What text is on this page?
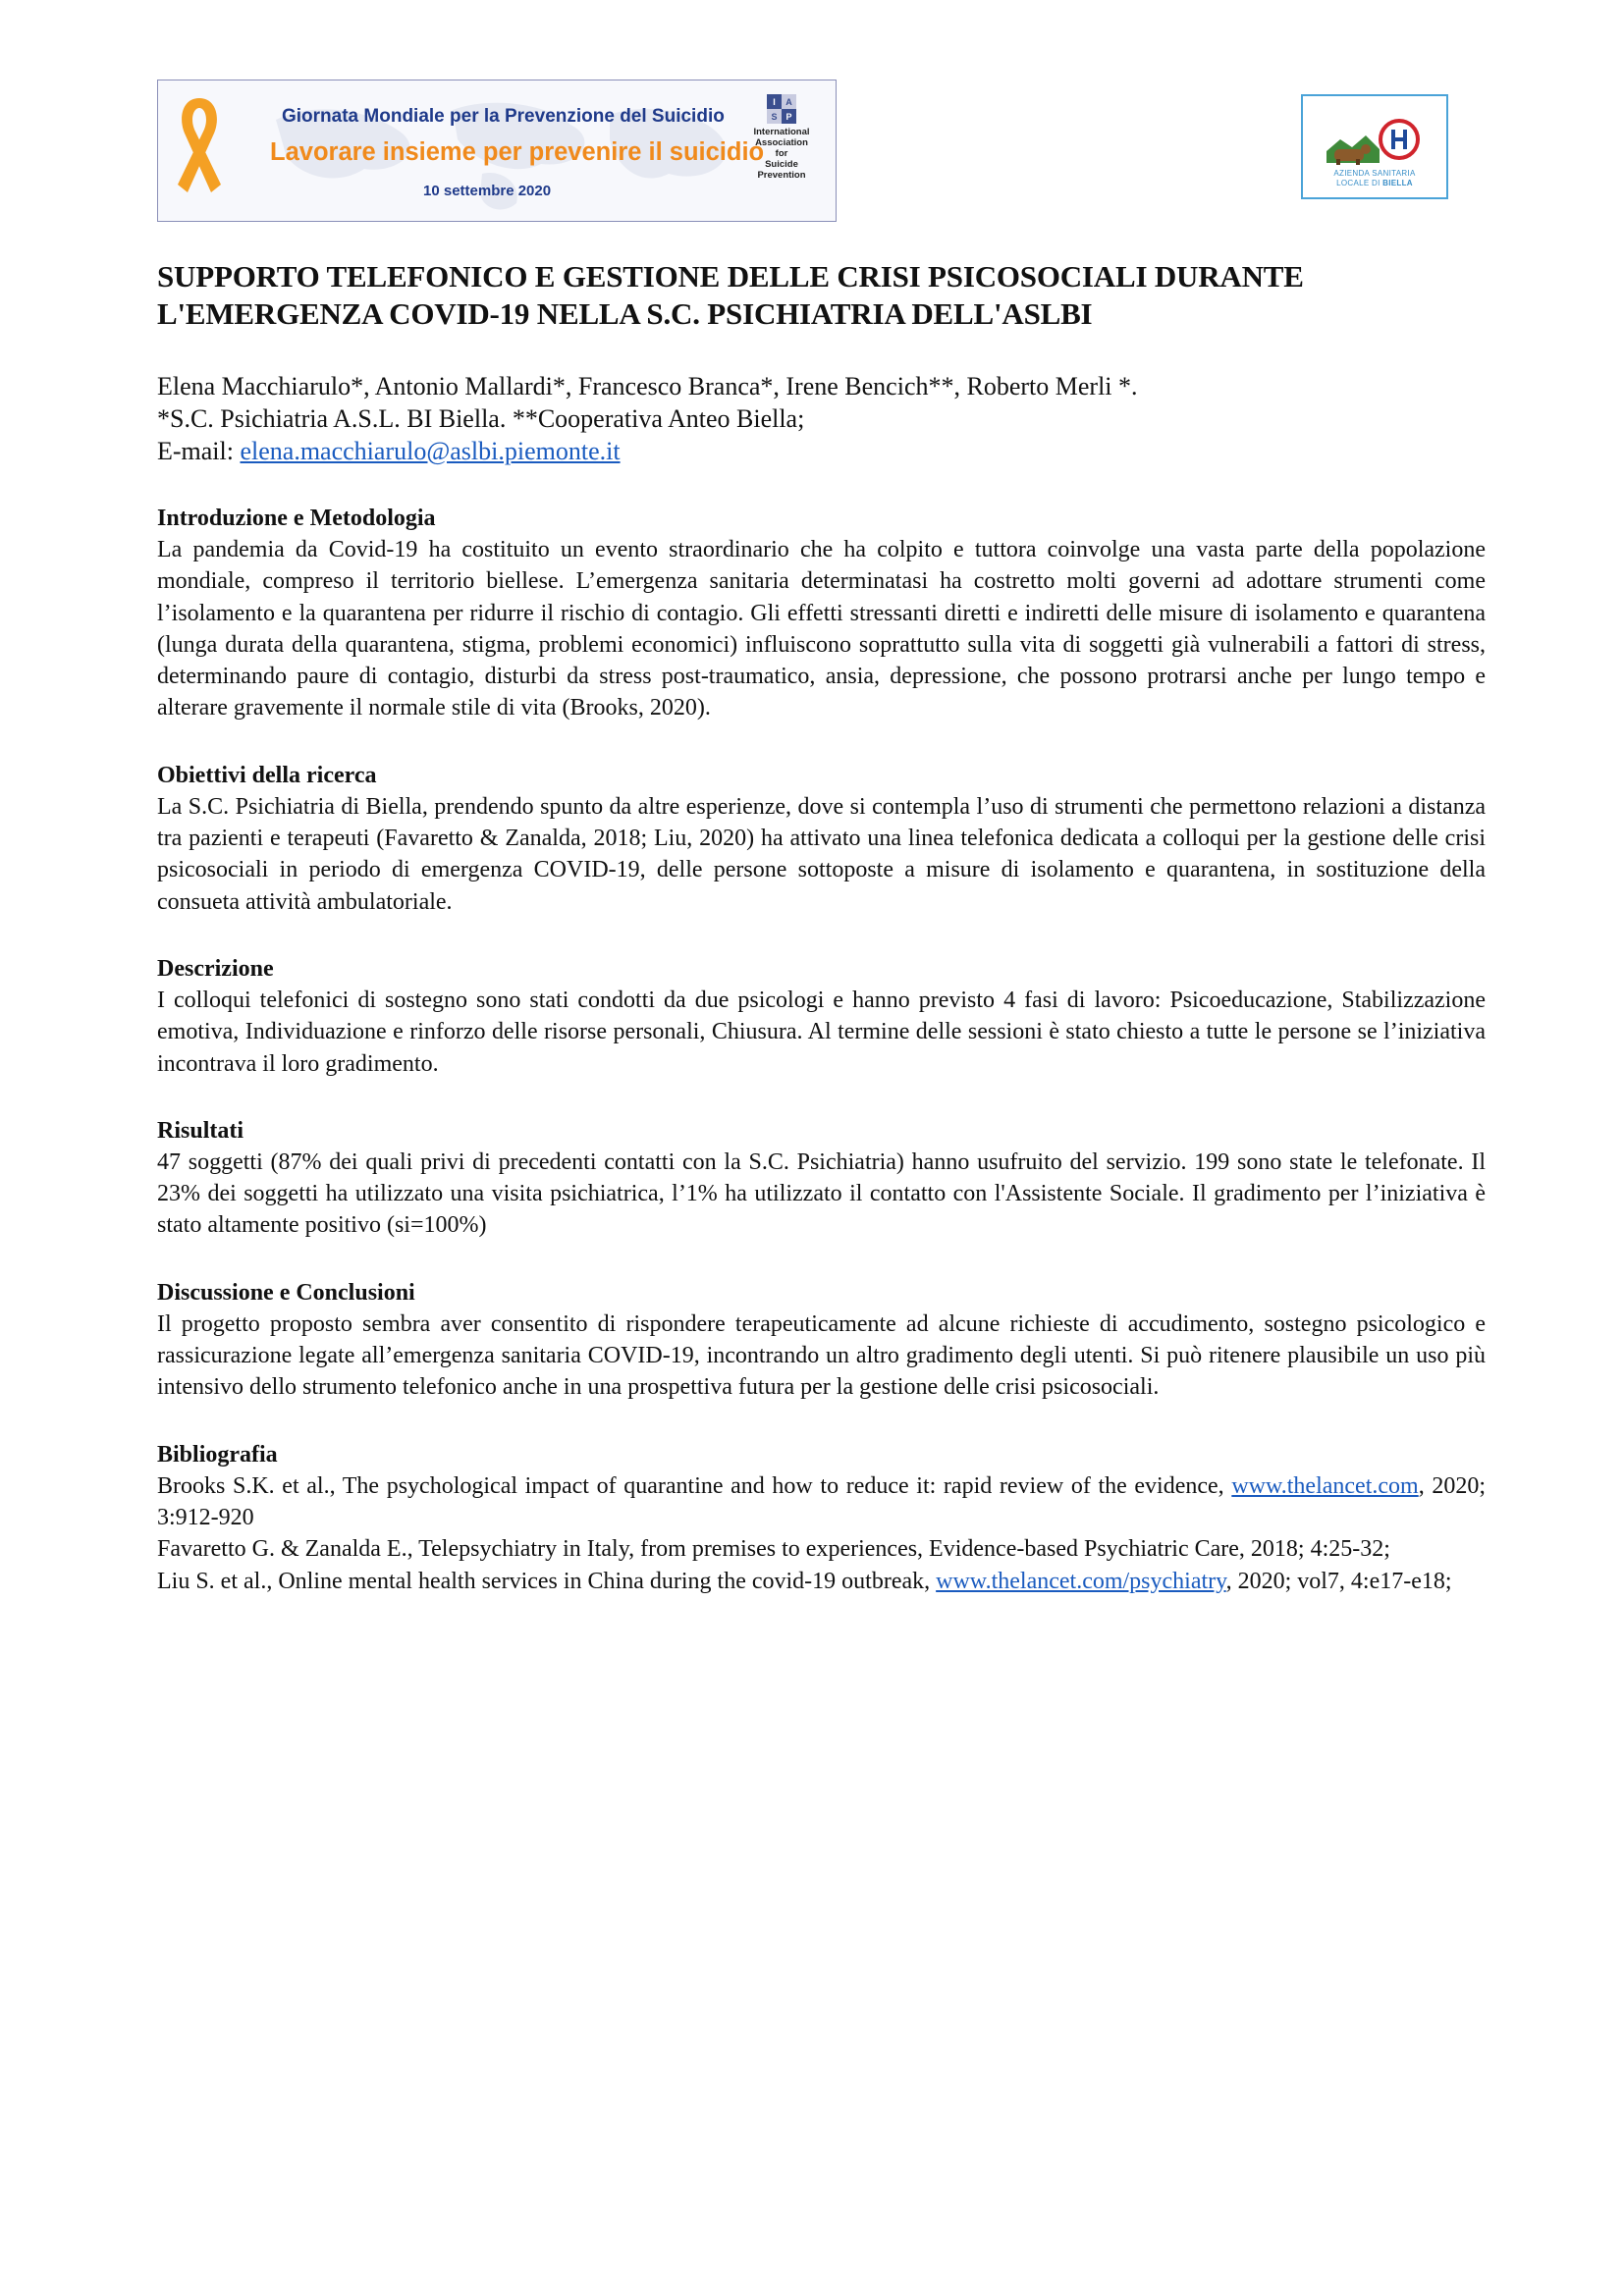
Giornata Mondiale per la Prevenzione del Suicidio
Lavorare insieme per prevenire il suicidio
10 settembre 2020
I A
S P
International
Association
for
Suicide
Prevention	AZIENDA SANITARIA
LOCALE DI BIELLA
SUPPORTO TELEFONICO E GESTIONE DELLE CRISI PSICOSOCIALI DURANTE
L'EMERGENZA COVID-19 NELLA S.C. PSICHIATRIA DELL'ASLBI
Elena Macchiarulo*, Antonio Mallardi*, Francesco Branca*, Irene Bencich**, Roberto Merli *.
*S.C. Psichiatria A.S.L. BI Biella. **Cooperativa Anteo Biella;
E-mail: elena.macchiarulo@aslbi.piemonte.it
Introduzione e Metodologia

La pandemia da Covid-19 ha costituito un evento straordinario che ha colpito e tuttora coinvolge una vasta parte della popolazione mondiale, compreso il territorio biellese. L’emergenza sanitaria determinatasi ha costretto molti governi ad adottare strumenti come l’isolamento e la quarantena per ridurre il rischio di contagio. Gli effetti stressanti diretti e indiretti delle misure di isolamento e quarantena (lunga durata della quarantena, stigma, problemi economici) influiscono soprattutto sulla vita di soggetti già vulnerabili a fattori di stress, determinando paure di contagio, disturbi da stress post-traumatico, ansia, depressione, che possono protrarsi anche per lungo tempo e alterare gravemente il normale stile di vita (Brooks, 2020).

Obiettivi della ricerca

La S.C. Psichiatria di Biella, prendendo spunto da altre esperienze, dove si contempla l’uso di strumenti che permettono relazioni a distanza tra pazienti e terapeuti (Favaretto & Zanalda, 2018; Liu, 2020) ha attivato una linea telefonica dedicata a colloqui per la gestione delle crisi psicosociali in periodo di emergenza COVID-19, delle persone sottoposte a misure di isolamento e quarantena, in sostituzione della consueta attività ambulatoriale.

Descrizione

I colloqui telefonici di sostegno sono stati condotti da due psicologi e hanno previsto 4 fasi di lavoro: Psicoeducazione, Stabilizzazione emotiva, Individuazione e rinforzo delle risorse personali, Chiusura. Al termine delle sessioni è stato chiesto a tutte le persone se l’iniziativa incontrava il loro gradimento.

Risultati

47 soggetti (87% dei quali privi di precedenti contatti con la S.C. Psichiatria) hanno usufruito del servizio. 199 sono state le telefonate. Il 23% dei soggetti ha utilizzato una visita psichiatrica, l’1% ha utilizzato il contatto con l'Assistente Sociale. Il gradimento per l’iniziativa è stato altamente positivo (si=100%)

Discussione e Conclusioni

Il progetto proposto sembra aver consentito di rispondere terapeuticamente ad alcune richieste di accudimento, sostegno psicologico e rassicurazione legate all’emergenza sanitaria COVID-19, incontrando un altro gradimento degli utenti. Si può ritenere plausibile un uso più intensivo dello strumento telefonico anche in una prospettiva futura per la gestione delle crisi psicosociali.

Bibliografia

Brooks S.K. et al., The psychological impact of quarantine and how to reduce it: rapid review of the evidence, www.thelancet.com, 2020; 3:912-920

Favaretto G. & Zanalda E., Telepsychiatry in Italy, from premises to experiences, Evidence-based Psychiatric Care, 2018; 4:25-32;

Liu S. et al., Online mental health services in China during the covid-19 outbreak, www.thelancet.com/psychiatry, 2020; vol7, 4:e17-e18;
